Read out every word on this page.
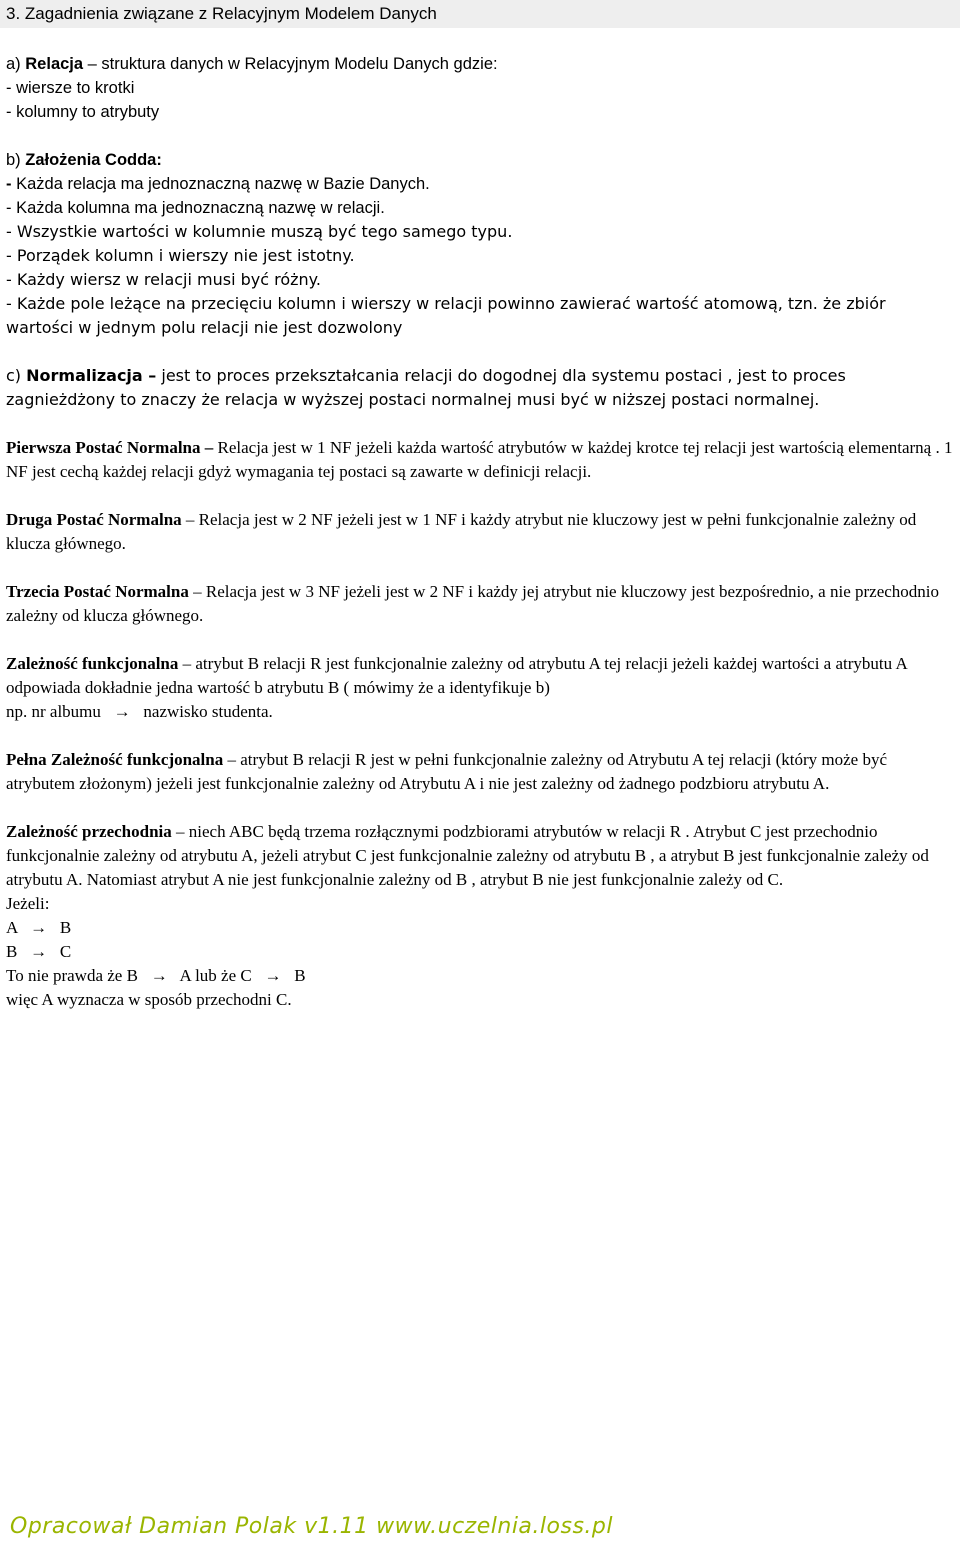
3. Zagadnienia związane z Relacyjnym Modelem Danych

a) Relacja – struktura danych w Relacyjnym Modelu Danych gdzie:

- wiersze to krotki

- kolumny to atrybuty

b) Założenia Codda:

- Każda relacja ma jednoznaczną nazwę w Bazie Danych.

- Każda kolumna ma jednoznaczną nazwę w relacji.

- Wszystkie wartości w kolumnie muszą być tego samego typu.

- Porządek kolumn i wierszy nie jest istotny.

- Każdy wiersz w relacji musi być różny.

- Każde pole leżące na przecięciu kolumn i wierszy w relacji powinno zawierać wartość atomową, tzn. że zbiór wartości w jednym polu relacji nie jest dozwolony

c) Normalizacja – jest to proces przekształcania relacji do dogodnej dla systemu postaci , jest to proces zagnieżdżony to znaczy że relacja w wyższej postaci normalnej musi być w niższej postaci normalnej.

Pierwsza Postać Normalna – Relacja jest w 1 NF jeżeli każda wartość atrybutów w każdej krotce tej relacji jest wartością elementarną . 1 NF jest cechą każdej relacji gdyż wymagania tej postaci są zawarte w definicji relacji.

Druga Postać Normalna – Relacja jest w 2 NF jeżeli jest w 1 NF i każdy atrybut nie kluczowy jest w pełni funkcjonalnie zależny od klucza głównego.

Trzecia Postać Normalna – Relacja jest w 3 NF jeżeli jest w 2 NF i każdy jej atrybut nie kluczowy jest bezpośrednio, a nie przechodnio zależny od klucza głównego.

Zależność funkcjonalna – atrybut B relacji R jest funkcjonalnie zależny od atrybutu A tej relacji jeżeli każdej wartości a atrybutu A odpowiada dokładnie jedna wartość b atrybutu B ( mówimy że a identyfikuje b)

np. nr albumu → nazwisko studenta.

Pełna Zależność funkcjonalna – atrybut B relacji R jest w pełni funkcjonalnie zależny od Atrybutu A tej relacji (który może być atrybutem złożonym) jeżeli jest funkcjonalnie zależny od Atrybutu A i nie jest zależny od żadnego podzbioru atrybutu A.

Zależność przechodnia – niech ABC będą trzema rozłącznymi podzbiorami atrybutów w relacji R . Atrybut C jest przechodnio funkcjonalnie zależny od atrybutu A, jeżeli atrybut C jest funkcjonalnie zależny od atrybutu B , a atrybut B jest funkcjonalnie zależy od atrybutu A. Natomiast atrybut A nie jest funkcjonalnie zależny od B , atrybut B nie jest funkcjonalnie zależy od C.

Jeżeli:

A → B

B → C

To nie prawda że B → A lub że C → B

więc A wyznacza w sposób przechodni C.

Opracował Damian Polak v1.11 www.uczelnia.loss.pl
